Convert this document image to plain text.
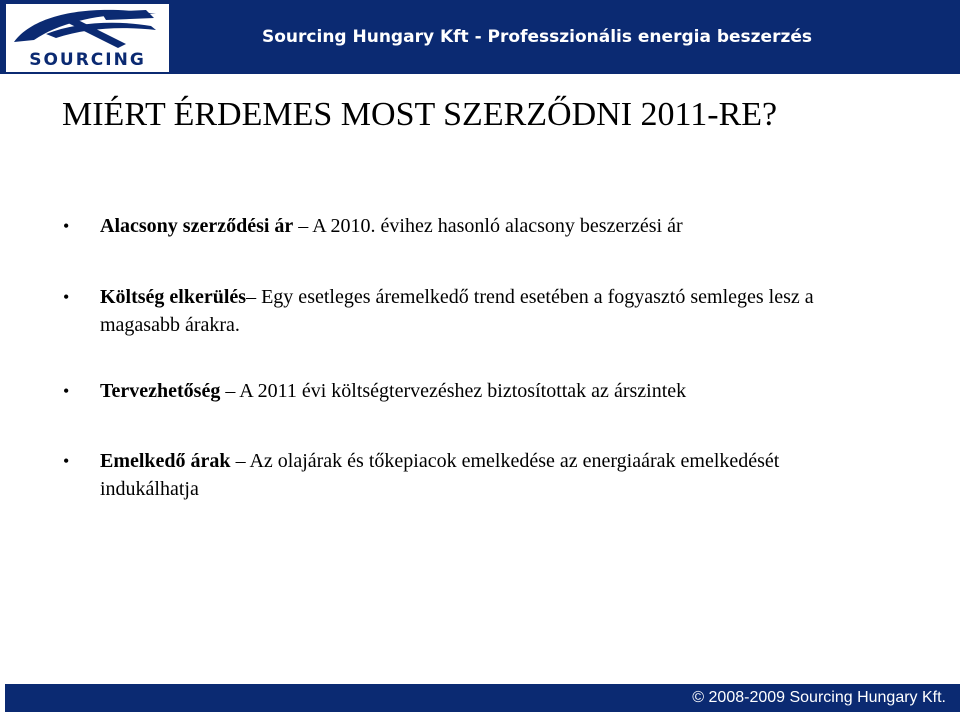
SOURCING
Sourcing Hungary Kft - Professzionális energia beszerzés
MIÉRT ÉRDEMES MOST SZERZŐDNI 2011-RE?
• Alacsony szerződési ár – A 2010. évihez hasonló alacsony beszerzési ár
• Költség elkerülés– Egy esetleges áremelkedő trend esetében a fogyasztó semleges lesz a magasabb árakra.
• Tervezhetőség – A 2011 évi költségtervezéshez biztosítottak az árszintek
• Emelkedő árak – Az olajárak és tőkepiacok emelkedése az energiaárak emelkedését indukálhatja
© 2008-2009 Sourcing Hungary Kft.
